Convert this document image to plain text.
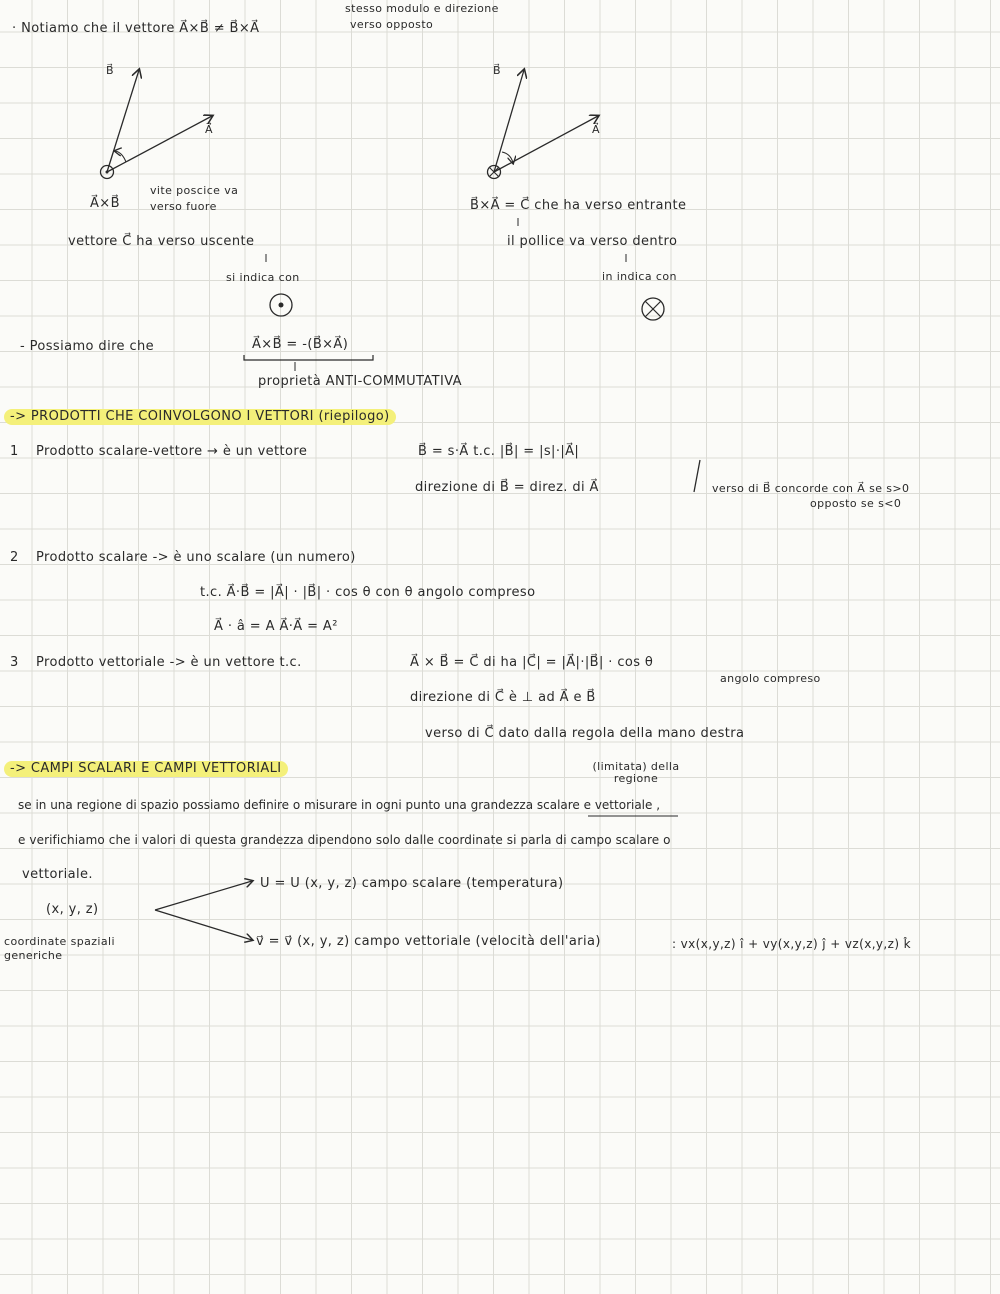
· Notiamo che il vettore A⃗×B⃗ ≠ B⃗×A⃗
stesso modulo e direzione
verso opposto
B⃗
A⃗
A⃗×B⃗
vite poscice va verso fuore
vettore C⃗ ha verso uscente
si indica con
B⃗
A⃗
B⃗×A⃗ = C⃗ che ha verso entrante
il pollice va verso dentro
in indica con
- Possiamo dire che	A⃗×B⃗ = -(B⃗×A⃗)
proprietà ANTI-COMMUTATIVA
-> PRODOTTI CHE COINVOLGONO I VETTORI (riepilogo)
1 Prodotto scalare-vettore → è un vettore	B⃗ = s·A⃗ t.c. |B⃗| = |s|·|A⃗|
direzione di B⃗ = direz. di A⃗	verso di B⃗ concorde con A⃗ se s>0
opposto se s<0
2 Prodotto scalare -> è uno scalare (un numero)
t.c. A⃗·B⃗ = |A⃗| · |B⃗| · cos θ con θ angolo compreso
A⃗ · â = A A⃗·A⃗ = A²
3 Prodotto vettoriale -> è un vettore t.c.	A⃗ × B⃗ = C⃗ di ha |C⃗| = |A⃗|·|B⃗| · cos θ
angolo compreso
direzione di C⃗ è ⊥ ad A⃗ e B⃗
verso di C⃗ dato dalla regola della mano destra
-> CAMPI SCALARI E CAMPI VETTORIALI	(limitata) della regione
se in una regione di spazio possiamo definire o misurare in ogni punto una grandezza scalare e vettoriale ,
e verifichiamo che i valori di questa grandezza dipendono solo dalle coordinate si parla di campo scalare o
vettoriale.
(x, y, z)
coordinate spaziali generiche
U = U (x, y, z) campo scalare (temperatura)
v⃗ = v⃗ (x, y, z) campo vettoriale (velocità dell'aria)	: vx(x,y,z) î + vy(x,y,z) ĵ + vz(x,y,z) k̂
